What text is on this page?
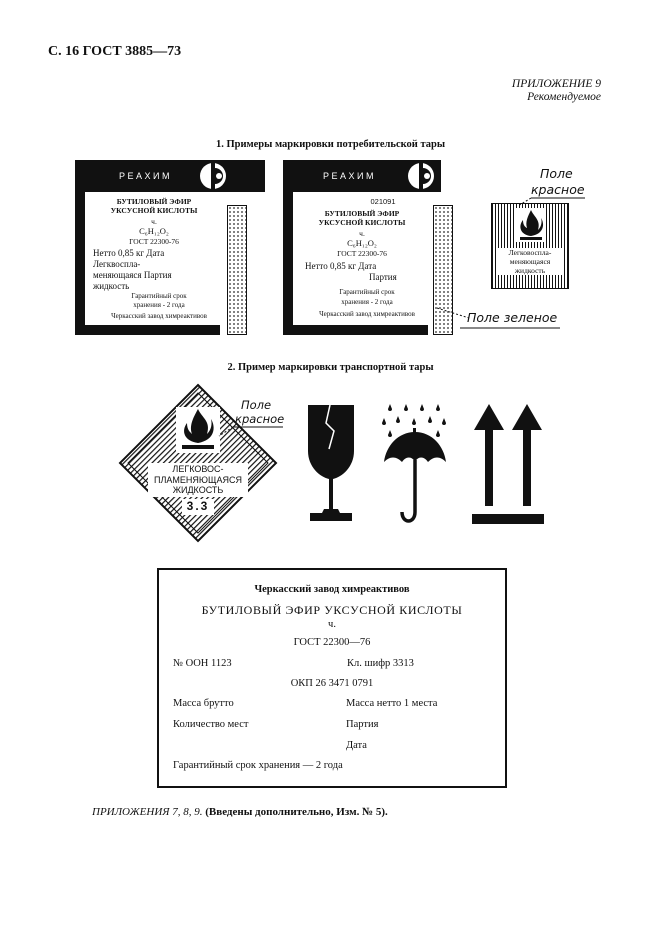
С. 16 ГОСТ 3885—73
ПРИЛОЖЕНИЕ 9
Рекомендуемое
1. Примеры маркировки потребительской тары
РЕАХИМ
БУТИЛОВЫЙ ЭФИР
УКСУСНОЙ КИСЛОТЫ
ч.
C₆H₁₂O₂
ГОСТ 22300-76
Нетто 0,85 кг Дата
Легквоспла-
меняющаяся Партия
жидкость
Гарантийный срок
хранения - 2 года
Черкасский завод химреактивов
РЕАХИМ
021091
БУТИЛОВЫЙ ЭФИР
УКСУСНОЙ КИСЛОТЫ
ч.
C₆H₁₂O₂
ГОСТ 22300-76
Нетто 0,85 кг Дата
Партия
Гарантийный срок
хранения - 2 года
Черкасский завод химреактивов	Поле зеленое
Легковоспла-
меняющаяся
жидкость
Поле
красное
2. Пример маркировки транспортной тары
ЛЕГКОВОС-
ПЛАМЕНЯЮЩАЯСЯ
ЖИДКОСТЬ
3.3
Поле
красное
Черкасский завод химреактивов
БУТИЛОВЫЙ ЭФИР УКСУСНОЙ КИСЛОТЫ
ч.
ГОСТ 22300—76
№ ООН 1123	Кл. шифр 3313
ОКП 26 3471 0791
Масса брутто	Масса нетто 1 места
Количество мест	Партия
Дата
Гарантийный срок хранения — 2 года
ПРИЛОЖЕНИЯ 7, 8, 9. (Введены дополнительно, Изм. № 5).
